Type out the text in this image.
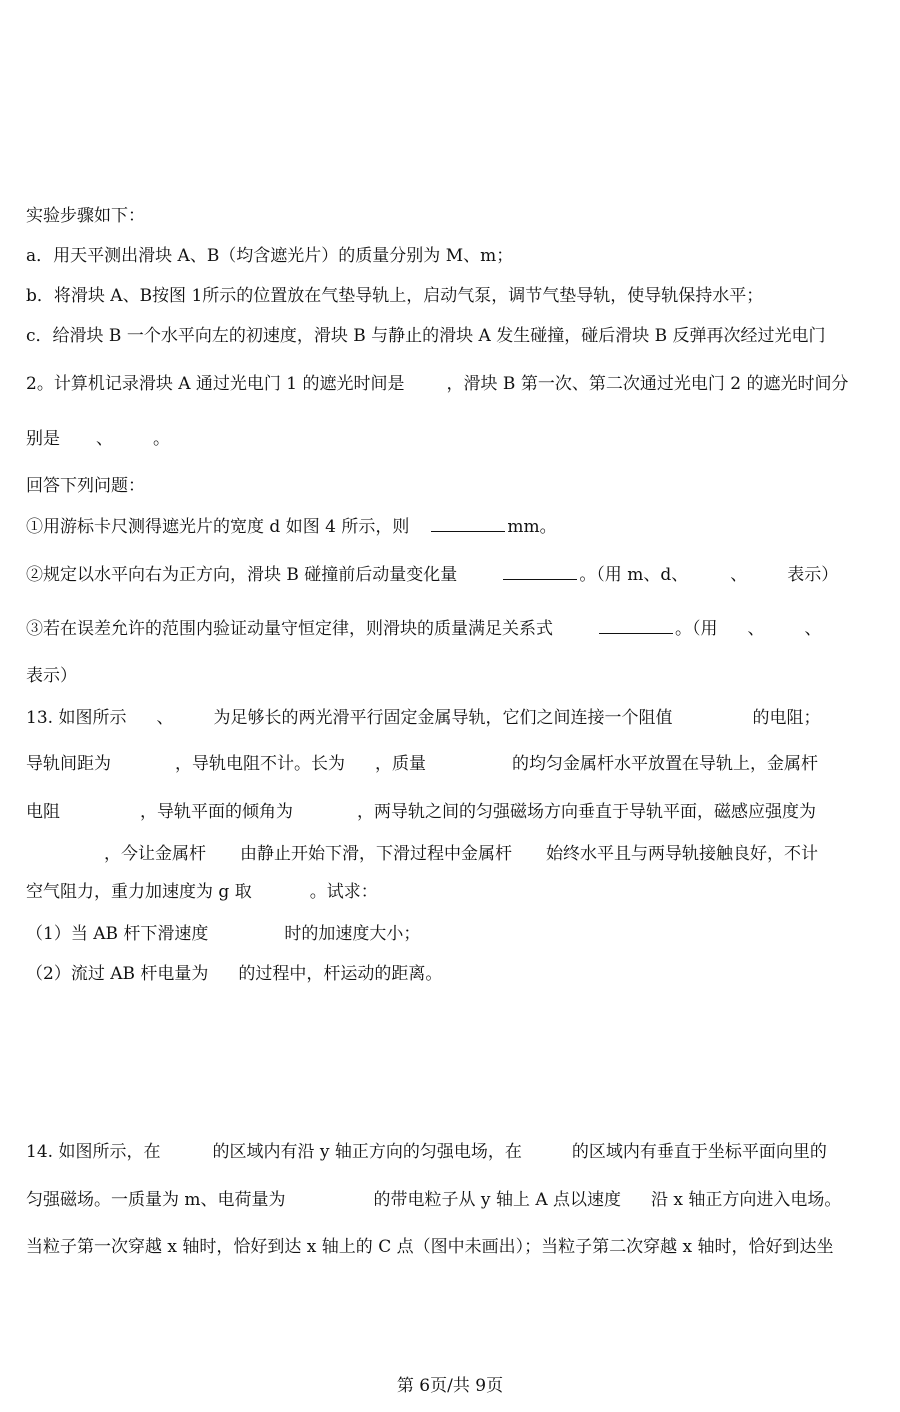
实验步骤如下：
a．用天平测出滑块 A、B（均含遮光片）的质量分别为 M、m；
b．将滑块 A、B按图 1所示的位置放在气垫导轨上，启动气泵，调节气垫导轨，使导轨保持水平；
c．给滑块 B 一个水平向左的初速度，滑块 B 与静止的滑块 A 发生碰撞，碰后滑块 B 反弹再次经过光电门
2。计算机记录滑块 A 通过光电门 1 的遮光时间是 ，滑块 B 第一次、第二次通过光电门 2 的遮光时间分
别是 、 。
回答下列问题：
①用游标卡尺测得遮光片的宽度 d 如图 4 所示，则	mm。
②规定以水平向右为正方向，滑块 B 碰撞前后动量变化量	。（用 m、d、 、 表示）
③若在误差允许的范围内验证动量守恒定律，则滑块的质量满足关系式	。（用 、 、
表示）
13. 如图所示 、 为足够长的两光滑平行固定金属导轨，它们之间连接一个阻值	的电阻；
导轨间距为	，导轨电阻不计。长为 ，质量	的均匀金属杆水平放置在导轨上，金属杆
电阻	，导轨平面的倾角为	，两导轨之间的匀强磁场方向垂直于导轨平面，磁感应强度为
，今让金属杆 由静止开始下滑，下滑过程中金属杆 始终水平且与两导轨接触良好，不计
空气阻力，重力加速度为 g 取	。试求：
（1）当 AB 杆下滑速度	时的加速度大小；
（2）流过 AB 杆电量为 的过程中，杆运动的距离。
14. 如图所示，在	的区域内有沿 y 轴正方向的匀强电场，在	的区域内有垂直于坐标平面向里的
匀强磁场。一质量为 m、电荷量为	的带电粒子从 y 轴上 A 点以速度 沿 x 轴正方向进入电场。
当粒子第一次穿越 x 轴时，恰好到达 x 轴上的 C 点（图中未画出）；当粒子第二次穿越 x 轴时，恰好到达坐
第 6页/共 9页
